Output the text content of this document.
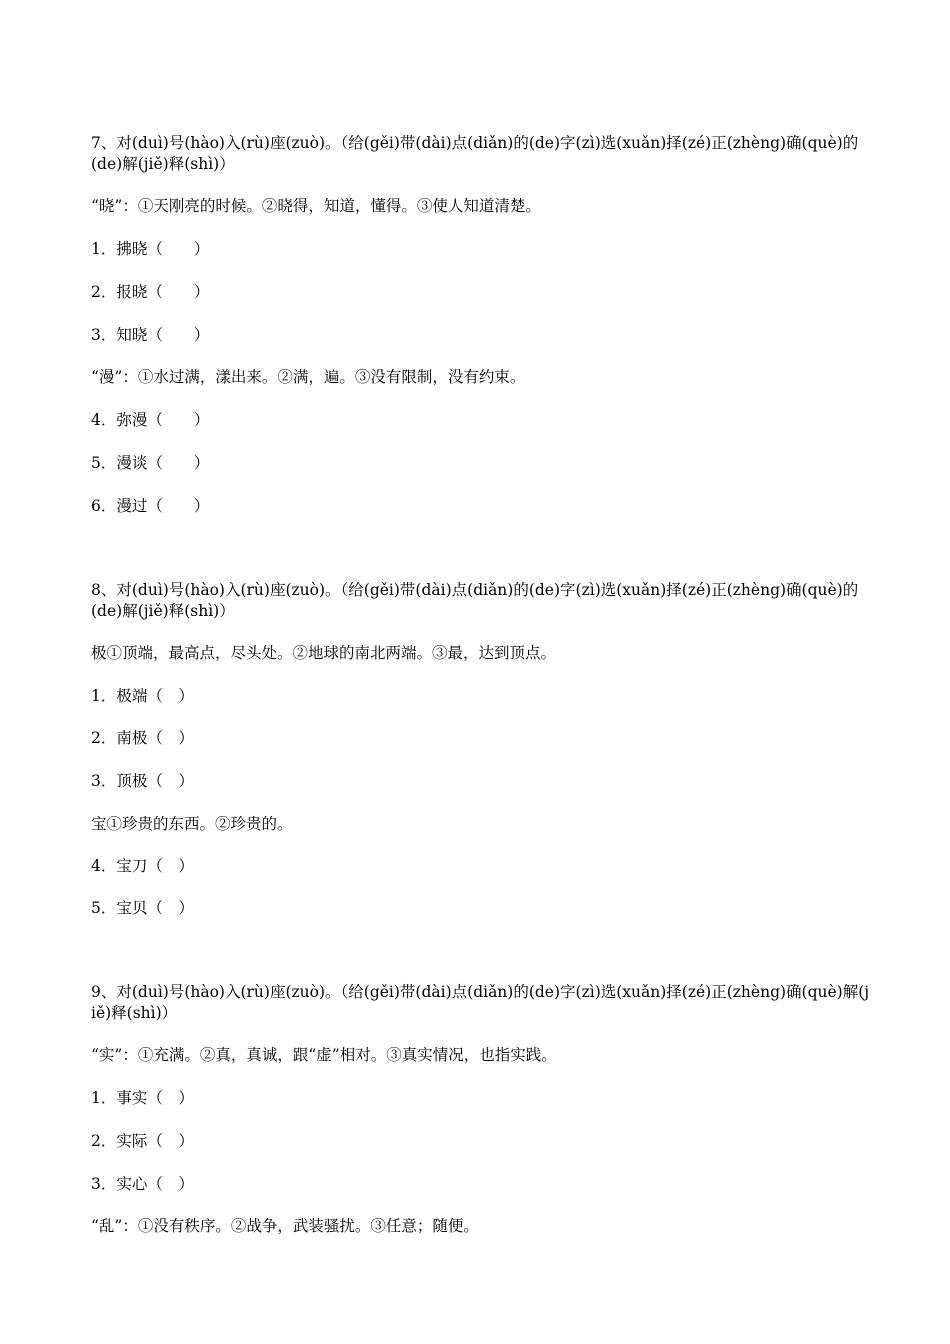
7、对(duì)号(hào)入(rù)座(zuò)。（给(gěi)带(dài)点(diǎn)的(de)字(zì)选(xuǎn)择(zé)正(zhèng)确(què)的(de)解(jiě)释(shì)）
“晓”：①天刚亮的时候。②晓得，知道，懂得。③使人知道清楚。
1．拂晓（　　）
2．报晓（　　）
3．知晓（　　）
“漫”：①水过满，漾出来。②满，遍。③没有限制，没有约束。
4．弥漫（　　）
5．漫谈（　　）
6．漫过（　　）
8、对(duì)号(hào)入(rù)座(zuò)。（给(gěi)带(dài)点(diǎn)的(de)字(zì)选(xuǎn)择(zé)正(zhèng)确(què)的(de)解(jiě)释(shì)）
极①顶端，最高点，尽头处。②地球的南北两端。③最，达到顶点。
1．极端（　）
2．南极（　）
3．顶极（　）
宝①珍贵的东西。②珍贵的。
4．宝刀（　）
5．宝贝（　）
9、对(duì)号(hào)入(rù)座(zuò)。（给(gěi)带(dài)点(diǎn)的(de)字(zì)选(xuǎn)择(zé)正(zhèng)确(què)解(jiě)释(shì)）
“实”：①充满。②真，真诚，跟“虚”相对。③真实情况，也指实践。
1．事实（　）
2．实际（　）
3．实心（　）
“乱”：①没有秩序。②战争，武装骚扰。③任意；随便。
